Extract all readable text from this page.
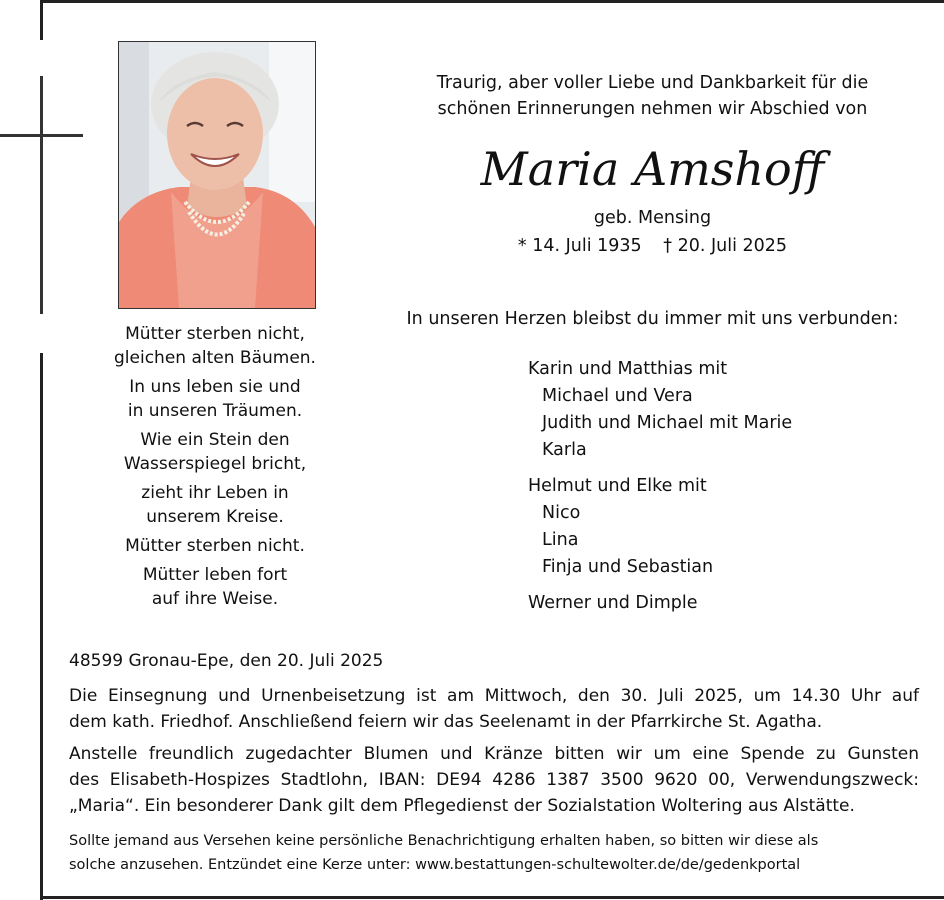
Mütter sterben nicht,
gleichen alten Bäumen.
In uns leben sie und
in unseren Träumen.
Wie ein Stein den
Wasserspiegel bricht,
zieht ihr Leben in
unserem Kreise.
Mütter sterben nicht.
Mütter leben fort
auf ihre Weise.
Traurig, aber voller Liebe und Dankbarkeit für die
schönen Erinnerungen nehmen wir Abschied von
Maria Amshoff
geb. Mensing
* 14. Juli 1935 † 20. Juli 2025
In unseren Herzen bleibst du immer mit uns verbunden:
Karin und Matthias mit
Michael und Vera
Judith und Michael mit Marie
Karla
Helmut und Elke mit
Nico
Lina
Finja und Sebastian
Werner und Dimple
48599 Gronau-Epe, den 20. Juli 2025
Die Einsegnung und Urnenbeisetzung ist am Mittwoch, den 30. Juli 2025, um 14.30 Uhr auf
dem kath. Friedhof. Anschließend feiern wir das Seelenamt in der Pfarrkirche St. Agatha.
Anstelle freundlich zugedachter Blumen und Kränze bitten wir um eine Spende zu Gunsten
des Elisabeth-Hospizes Stadtlohn, IBAN: DE94 4286 1387 3500 9620 00, Verwendungszweck:
„Maria“. Ein besonderer Dank gilt dem Pflegedienst der Sozialstation Woltering aus Alstätte.
Sollte jemand aus Versehen keine persönliche Benachrichtigung erhalten haben, so bitten wir diese als
solche anzusehen. Entzündet eine Kerze unter: www.bestattungen-schultewolter.de/de/gedenkportal
